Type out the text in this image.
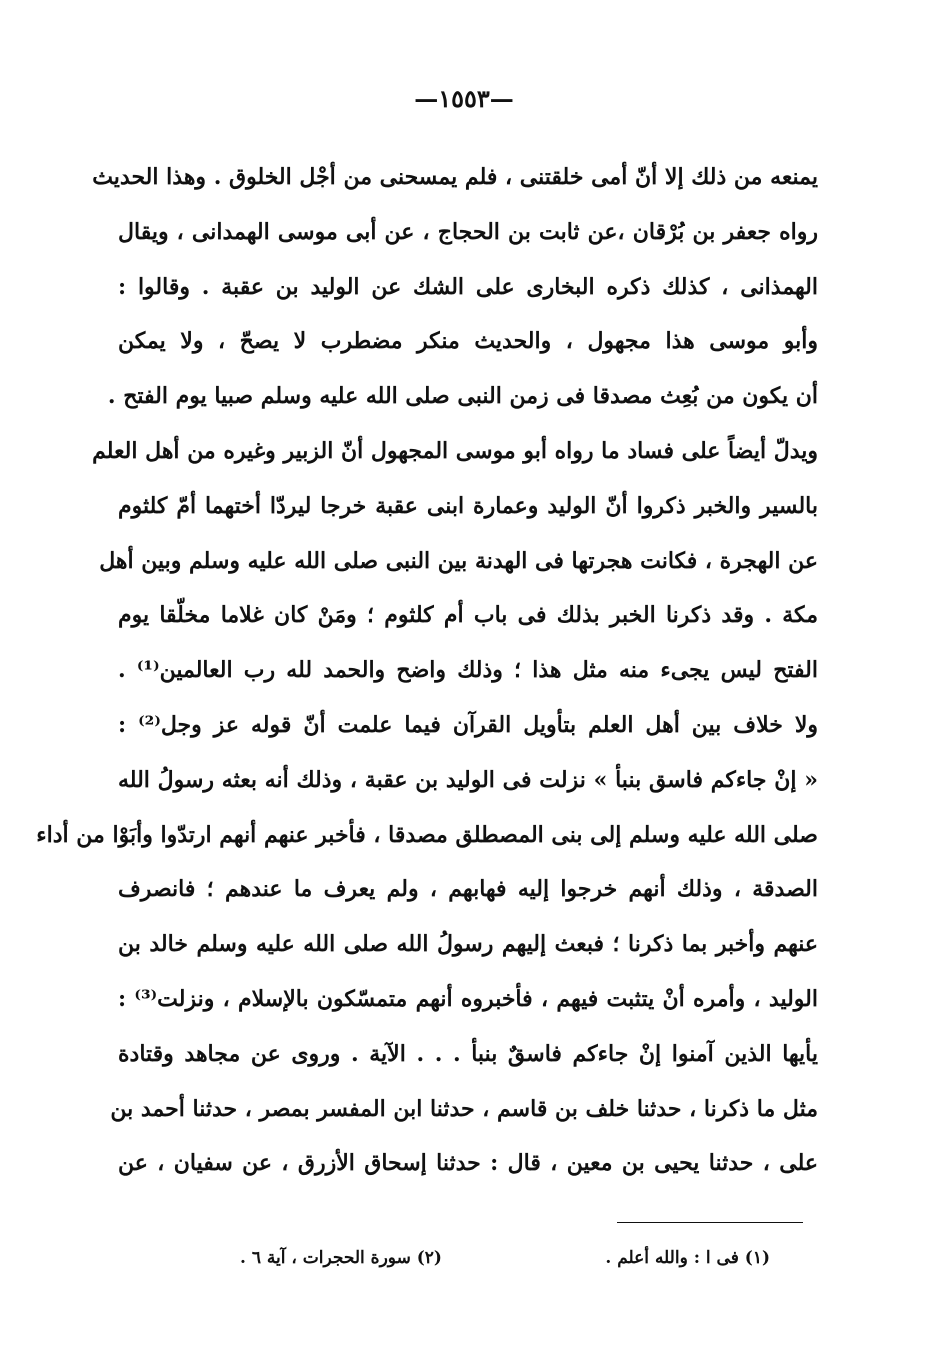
—١٥٥٣—
يمنعه من ذلك إلا أنّ أمى خلقتنى ، فلم يمسحنى من أجْل الخلوق . وهذا الحديث
رواه جعفر بن بُرْقان ،عن ثابت بن الحجاج ، عن أبى موسى الهمدانى ، ويقال
الهمذانى ، كذلك ذكره البخارى على الشك عن الوليد بن عقبة . وقالوا :
وأبو موسى هذا مجهول ، والحديث منكر مضطرب لا يصحّ ، ولا يمكن
أن يكون من بُعِث مصدقا فى زمن النبى صلى الله عليه وسلم صبيا يوم الفتح .
ويدلّ أيضاً على فساد ما رواه أبو موسى المجهول أنّ الزبير وغيره من أهل العلم
بالسير والخبر ذكروا أنّ الوليد وعمارة ابنى عقبة خرجا ليردّا أختهما أمّ كلثوم
عن الهجرة ، فكانت هجرتها فى الهدنة بين النبى صلى الله عليه وسلم وبين أهل
مكة . وقد ذكرنا الخبر بذلك فى باب أم كلثوم ؛ ومَنْ كان غلاما مخلّقا يوم
الفتح ليس يجىء منه مثل هذا ؛ وذلك واضح والحمد لله رب العالمين⁽¹⁾ .
ولا خلاف بين أهل العلم بتأويل القرآن فيما علمت أنّ قوله عز وجل⁽²⁾ :
« إنْ جاءكم فاسق بنبأ » نزلت فى الوليد بن عقبة ، وذلك أنه بعثه رسولُ الله
صلى الله عليه وسلم إلى بنى المصطلق مصدقا ، فأخبر عنهم أنهم ارتدّوا وأبَوْا من أداء
الصدقة ، وذلك أنهم خرجوا إليه فهابهم ، ولم يعرف ما عندهم ؛ فانصرف
عنهم وأخبر بما ذكرنا ؛ فبعث إليهم رسولُ الله صلى الله عليه وسلم خالد بن
الوليد ، وأمره أنْ يتثبت فيهم ، فأخبروه أنهم متمسّكون بالإسلام ، ونزلت⁽³⁾ :
يأيها الذين آمنوا إنْ جاءكم فاسقٌ بنبأ . . . الآية . وروى عن مجاهد وقتادة
مثل ما ذكرنا ، حدثنا خلف بن قاسم ، حدثنا ابن المفسر بمصر ، حدثنا أحمد بن
على ، حدثنا يحيى بن معين ، قال : حدثنا إسحاق الأزرق ، عن سفيان ، عن
(١) فى ا : والله أعلم .
(٢) سورة الحجرات ، آية ٦ .
